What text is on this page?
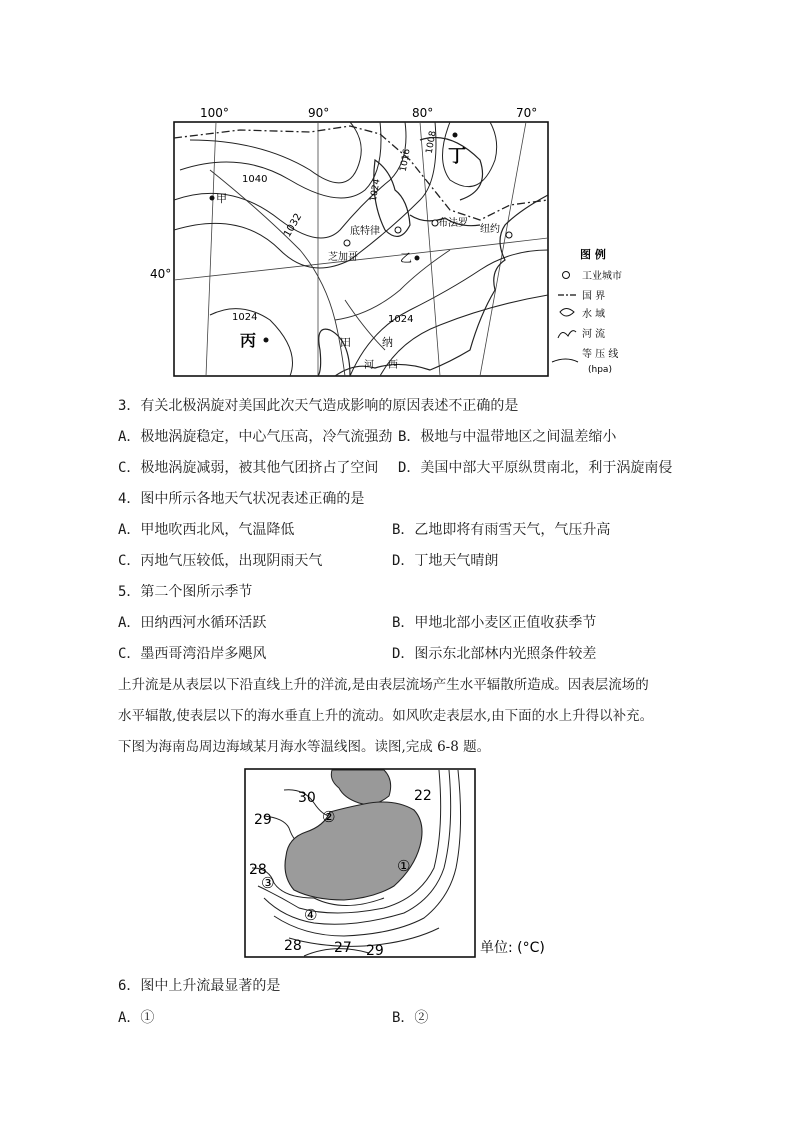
100°	90°	80°	70°
40°
1040
1032
1024	1024
1016
1008
1024
芝加哥
底特律
布法罗
纽约
甲
乙
丙
丁
田	纳
河 西
图 例
工业城市
国 界
水 域
河 流
等 压 线
(hpa)
3．有关北极涡旋对美国此次天气造成影响的原因表述不正确的是
A．极地涡旋稳定，中心气压高，冷气流强劲 B．极地与中温带地区之间温差缩小
C．极地涡旋减弱，被其他气团挤占了空间 D．美国中部大平原纵贯南北，利于涡旋南侵
4．图中所示各地天气状况表述正确的是
A．甲地吹西北风，气温降低	B．乙地即将有雨雪天气，气压升高
C．丙地气压较低，出现阴雨天气	D．丁地天气晴朗
5．第二个图所示季节
A．田纳西河水循环活跃	B．甲地北部小麦区正值收获季节
C．墨西哥湾沿岸多飓风	D．图示东北部林内光照条件较差
上升流是从表层以下沿直线上升的洋流,是由表层流场产生水平辐散所造成。因表层流场的
水平辐散,使表层以下的海水垂直上升的流动。如风吹走表层水,由下面的水上升得以补充。
下图为海南岛周边海域某月海水等温线图。读图,完成 6-8 题。
②
①
③
④
30	22
29
28
28 27 29	单位: (°C)
6．图中上升流最显著的是
A．①	B．②
